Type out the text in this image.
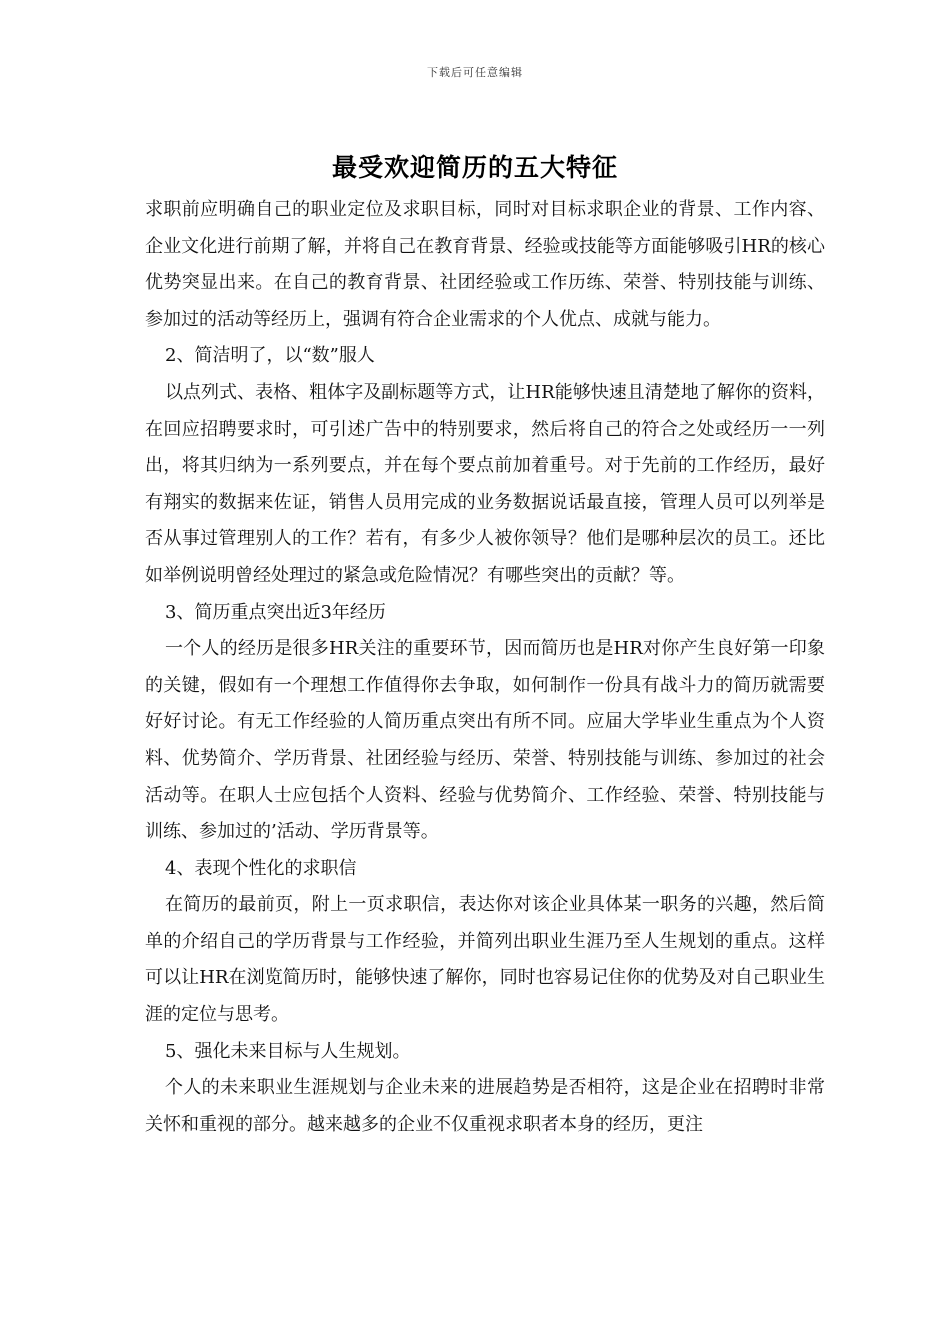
下载后可任意编辑
最受欢迎简历的五大特征

求职前应明确自己的职业定位及求职目标，同时对目标求职企业的背景、工作内容、企业文化进行前期了解，并将自己在教育背景、经验或技能等方面能够吸引HR的核心优势突显出来。在自己的教育背景、社团经验或工作历练、荣誉、特别技能与训练、参加过的活动等经历上，强调有符合企业需求的个人优点、成就与能力。

2、简洁明了，以“数”服人

以点列式、表格、粗体字及副标题等方式，让HR能够快速且清楚地了解你的资料，在回应招聘要求时，可引述广告中的特别要求，然后将自己的符合之处或经历一一列出，将其归纳为一系列要点，并在每个要点前加着重号。对于先前的工作经历，最好有翔实的数据来佐证，销售人员用完成的业务数据说话最直接，管理人员可以列举是否从事过管理别人的工作？若有，有多少人被你领导？他们是哪种层次的员工。还比如举例说明曾经处理过的紧急或危险情况？有哪些突出的贡献？等。

3、简历重点突出近3年经历

一个人的经历是很多HR关注的重要环节，因而简历也是HR对你产生良好第一印象的关键，假如有一个理想工作值得你去争取，如何制作一份具有战斗力的简历就需要好好讨论。有无工作经验的人简历重点突出有所不同。应届大学毕业生重点为个人资料、优势简介、学历背景、社团经验与经历、荣誉、特别技能与训练、参加过的社会活动等。在职人士应包括个人资料、经验与优势简介、工作经验、荣誉、特别技能与训练、参加过的’活动、学历背景等。

4、表现个性化的求职信

在简历的最前页，附上一页求职信，表达你对该企业具体某一职务的兴趣，然后简单的介绍自己的学历背景与工作经验，并简列出职业生涯乃至人生规划的重点。这样可以让HR在浏览简历时，能够快速了解你，同时也容易记住你的优势及对自己职业生涯的定位与思考。

5、强化未来目标与人生规划。

个人的未来职业生涯规划与企业未来的进展趋势是否相符，这是企业在招聘时非常关怀和重视的部分。越来越多的企业不仅重视求职者本身的经历，更注
